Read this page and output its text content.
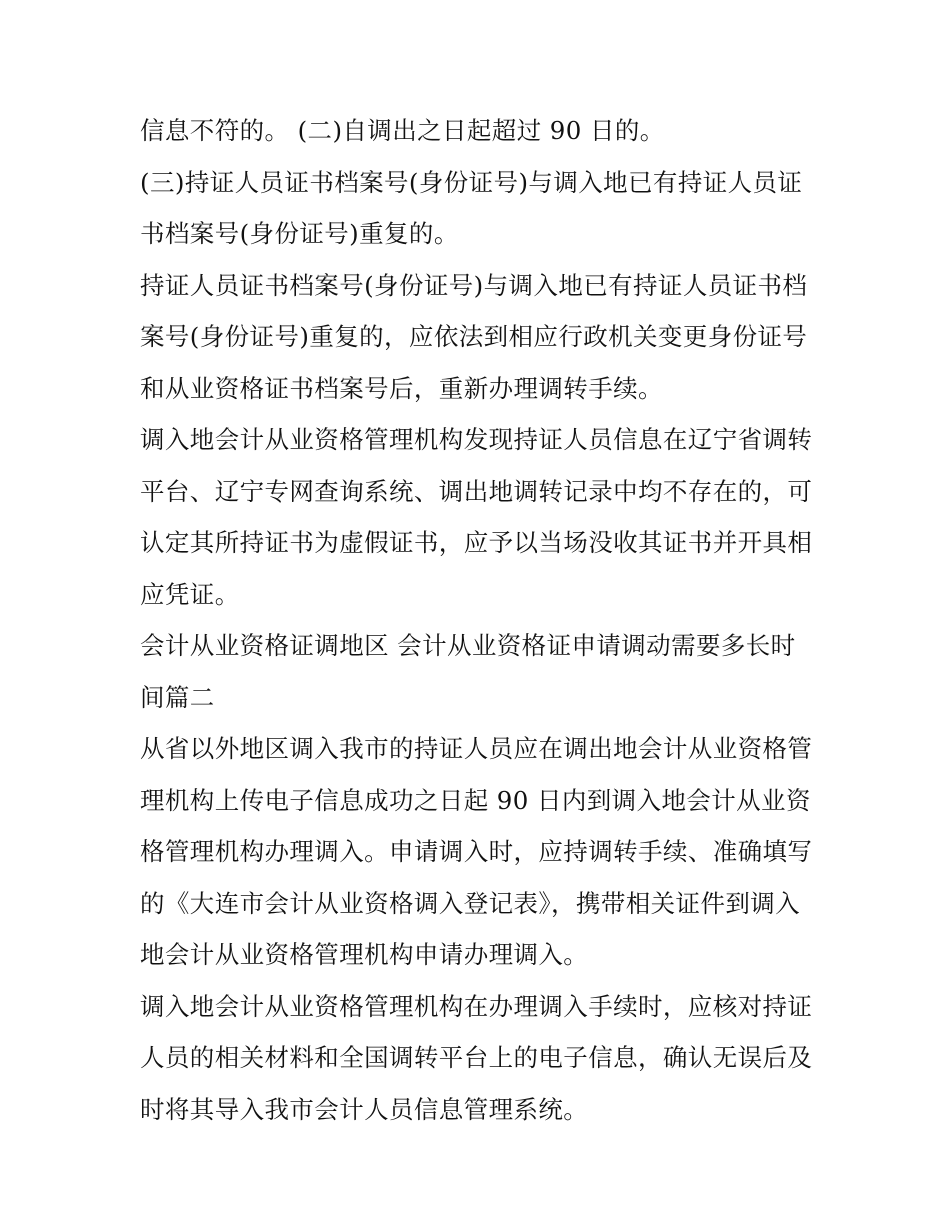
信息不符的。 (二)自调出之日起超过 90 日的。
(三)持证人员证书档案号(身份证号)与调入地已有持证人员证
书档案号(身份证号)重复的。
持证人员证书档案号(身份证号)与调入地已有持证人员证书档
案号(身份证号)重复的，应依法到相应行政机关变更身份证号
和从业资格证书档案号后，重新办理调转手续。
调入地会计从业资格管理机构发现持证人员信息在辽宁省调转
平台、辽宁专网查询系统、调出地调转记录中均不存在的，可
认定其所持证书为虚假证书，应予以当场没收其证书并开具相
应凭证。
会计从业资格证调地区 会计从业资格证申请调动需要多长时
间篇二
从省以外地区调入我市的持证人员应在调出地会计从业资格管
理机构上传电子信息成功之日起 90 日内到调入地会计从业资
格管理机构办理调入。申请调入时，应持调转手续、准确填写
的《大连市会计从业资格调入登记表》，携带相关证件到调入
地会计从业资格管理机构申请办理调入。
调入地会计从业资格管理机构在办理调入手续时，应核对持证
人员的相关材料和全国调转平台上的电子信息，确认无误后及
时将其导入我市会计人员信息管理系统。
